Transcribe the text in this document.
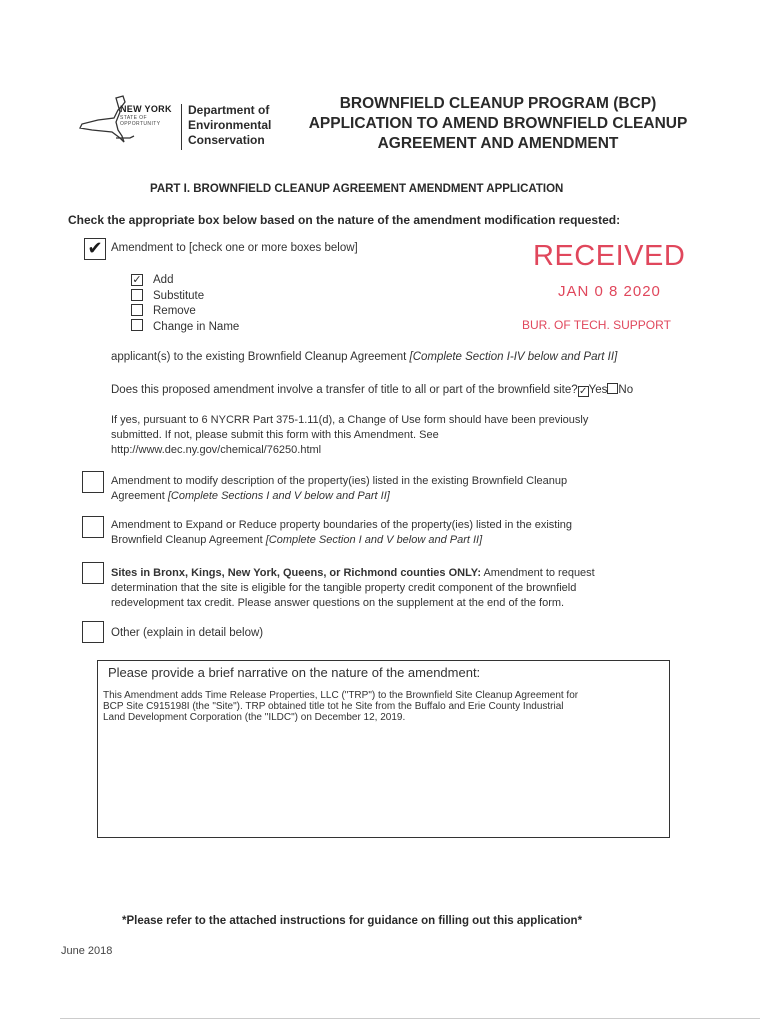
NEW YORK
STATE OF
OPPORTUNITY
Department of
Environmental
Conservation
BROWNFIELD CLEANUP PROGRAM (BCP)
APPLICATION TO AMEND BROWNFIELD CLEANUP
AGREEMENT AND AMENDMENT
PART I. BROWNFIELD CLEANUP AGREEMENT AMENDMENT APPLICATION
Check the appropriate box below based on the nature of the amendment modification requested:
✔ Amendment to [check one or more boxes below]
✓ Add
Substitute
Remove
Change in Name
RECEIVED
JAN 0 8 2020
BUR. OF TECH. SUPPORT
applicant(s) to the existing Brownfield Cleanup Agreement [Complete Section I-IV below and Part II]
Does this proposed amendment involve a transfer of title to all or part of the brownfield site?✓Yes No
If yes, pursuant to 6 NYCRR Part 375-1.11(d), a Change of Use form should have been previously
submitted. If not, please submit this form with this Amendment. See
http://www.dec.ny.gov/chemical/76250.html
Amendment to modify description of the property(ies) listed in the existing Brownfield Cleanup
Agreement [Complete Sections I and V below and Part II]
Amendment to Expand or Reduce property boundaries of the property(ies) listed in the existing
Brownfield Cleanup Agreement [Complete Section I and V below and Part II]
Sites in Bronx, Kings, New York, Queens, or Richmond counties ONLY: Amendment to request
determination that the site is eligible for the tangible property credit component of the brownfield
redevelopment tax credit. Please answer questions on the supplement at the end of the form.
Other (explain in detail below)
Please provide a brief narrative on the nature of the amendment:
This Amendment adds Time Release Properties, LLC ("TRP") to the Brownfield Site Cleanup Agreement for
BCP Site C915198I (the "Site"). TRP obtained title tot he Site from the Buffalo and Erie County Industrial
Land Development Corporation (the "ILDC") on December 12, 2019.
*Please refer to the attached instructions for guidance on filling out this application*
June 2018
